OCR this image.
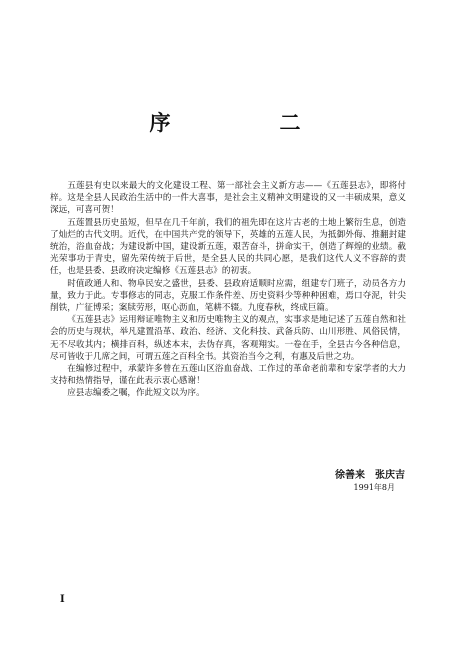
序　二

五莲县有史以来最大的文化建设工程、第一部社会主义新方志——《五莲县志》，即将付梓。这是全县人民政治生活中的一件大喜事，是社会主义精神文明建设的又一丰硕成果，意义深远，可喜可贺！

五莲置县历史虽短，但早在几千年前，我们的祖先即在这片古老的土地上繁衍生息，创造了灿烂的古代文明。近代，在中国共产党的领导下，英雄的五莲人民，为抵御外侮、推翻封建统治，浴血奋战；为建设新中国，建设新五莲，艰苦奋斗，拼命实干，创造了辉煌的业绩。截光荣事功于青史，留先荣传统于后世，是全县人民的共同心愿，是我们这代人义不容辞的责任，也是县委、县政府决定编修《五莲县志》的初衷。

时值政通人和、物阜民安之盛世，县委、县政府适顺时应需，组建专门班子，动员各方力量，致力于此。专事修志的同志，克服工作条件差、历史资料少等种种困难，焉口夺泥，针尖削铁，广征博采；案牍劳形，呕心沥血，笔耕不辍。九度春秋，终成巨篇。

《五莲县志》运用辩证唯物主义和历史唯物主义的观点，实事求是地记述了五莲自然和社会的历史与现状，举凡建置沿革、政治、经济、文化科技、武备兵防、山川形胜、风俗民情，无不尽收其内；横排百科，纵述本末，去伪存真，客观翔实。一卷在手，全县古今各种信息，尽可皆收于几席之间，可谓五莲之百科全书。其资治当今之利，有惠及后世之功。

在编修过程中，承蒙许多曾在五莲山区浴血奋战、工作过的革命老前辈和专家学者的大力支持和热情指导，谨在此表示衷心感谢！

应县志编委之嘱，作此短文以为序。

徐善来　张庆吉
1991年8月
I
